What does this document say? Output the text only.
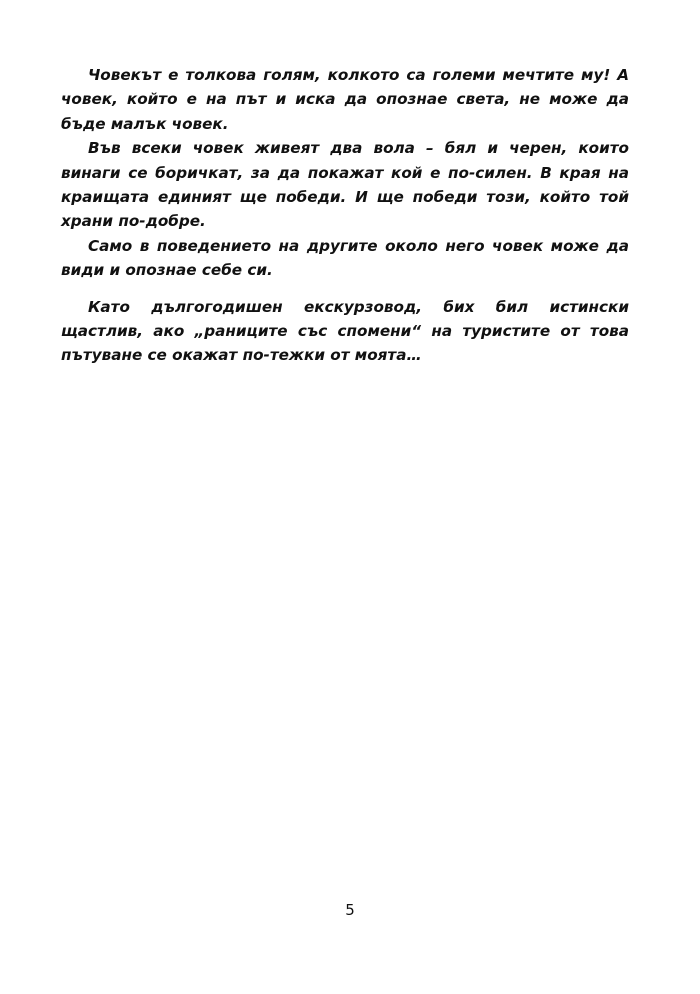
Човекът е толкова голям, колкото са големи мечтите му! А човек, който е на път и иска да опознае света, не може да бъде малък човек.

Във всеки човек живеят два вола – бял и черен, които винаги се боричкат, за да покажат кой е по-силен. В края на краищата единият ще победи. И ще победи този, който той храни по-добре.

Само в поведението на другите около него човек може да види и опознае себе си.

Като дългогодишен екскурзовод, бих бил истински щастлив, ако „раниците със спомени“ на туристите от това пътуване се окажат по-тежки от моята…

5
